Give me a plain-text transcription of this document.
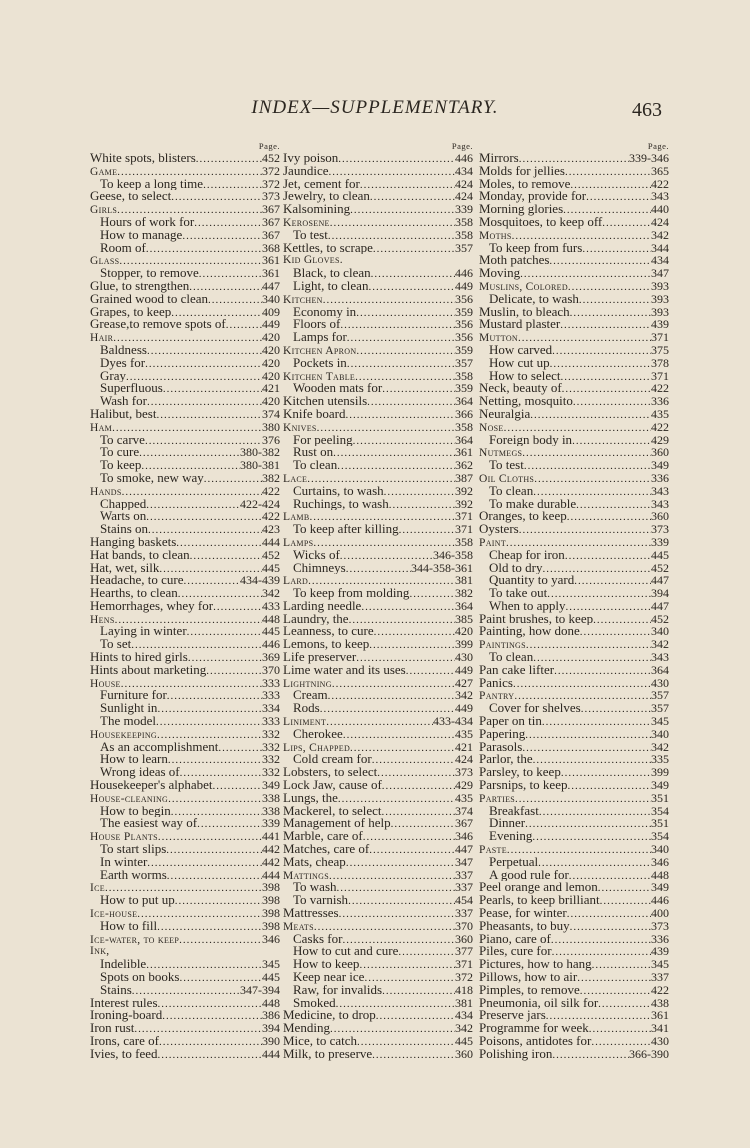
INDEX—SUPPLEMENTARY.	463
Page.
White spots, blisters .....	452
Game .....	372
To keep a long time .....	372
Geese, to select .....	373
Girls .....	367
Hours of work for .....	367
How to manage .....	367
Room of .....	368
Glass .....	361
Stopper, to remove .....	361
Glue, to strengthen .....	447
Grained wood to clean .....	340
Grapes, to keep .....	409
Grease,to remove spots of .....	449
Hair .....	420
Baldness .....	420
Dyes for .....	420
Gray .....	420
Superfluous .....	421
Wash for .....	420
Halibut, best .....	374
Ham .....	380
To carve .....	376
To cure .....	380-382
To keep .....	380-381
To smoke, new way .....	382
Hands .....	422
Chapped .....	422-424
Warts on .....	422
Stains on .....	423
Hanging baskets .....	444
Hat bands, to clean .....	452
Hat, wet, silk .....	445
Headache, to cure .....	434-439
Hearths, to clean .....	342
Hemorrhages, whey for .....	433
Hens .....	448
Laying in winter .....	445
To set .....	446
Hints to hired girls .....	369
Hints about marketing .....	370
House .....	333
Furniture for .....	333
Sunlight in .....	334
The model .....	333
Housekeeping .....	332
As an accomplishment .....	332
How to learn .....	332
Wrong ideas of .....	332
Housekeeper's alphabet .....	349
House-cleaning .....	338
How to begin .....	338
The easiest way of .....	339
House Plants .....	441
To start slips .....	442
In winter .....	442
Earth worms .....	444
Ice .....	398
How to put up .....	398
Ice-house .....	398
How to fill .....	398
Ice-water, to keep .....	346
Ink,
Indelible .....	345
Spots on books .....	445
Stains .....	347-394
Interest rules .....	448
Ironing-board .....	386
Iron rust .....	394
Irons, care of .....	390
Ivies, to feed .....	444
Page.
Ivy poison .....	446
Jaundice .....	434
Jet, cement for .....	424
Jewelry, to clean .....	424
Kalsomining .....	339
Kerosene .....	358
To test .....	358
Kettles, to scrape .....	357
Kid Gloves.
Black, to clean .....	446
Light, to clean .....	449
Kitchen .....	356
Economy in .....	359
Floors of .....	356
Lamps for .....	356
Kitchen Apron .....	359
Pockets in .....	357
Kitchen Table .....	358
Wooden mats for .....	359
Kitchen utensils .....	364
Knife board .....	366
Knives .....	358
For peeling .....	364
Rust on .....	361
To clean .....	362
Lace .....	387
Curtains, to wash .....	392
Ruchings, to wash .....	392
Lamb .....	371
To keep after killing .....	371
Lamps .....	358
Wicks of .....	346-358
Chimneys .....	344-358-361
Lard .....	381
To keep from molding .....	382
Larding needle .....	364
Laundry, the .....	385
Leanness, to cure .....	420
Lemons, to keep .....	399
Life preserver .....	430
Lime water and its uses .....	449
Lightning .....	427
Cream .....	342
Rods .....	449
Liniment .....	433-434
Cherokee .....	435
Lips, Chapped .....	421
Cold cream for .....	424
Lobsters, to select .....	373
Lock Jaw, cause of .....	429
Lungs, the .....	435
Mackerel, to select .....	374
Management of help .....	367
Marble, care of .....	346
Matches, care of .....	447
Mats, cheap .....	347
Mattings .....	337
To wash .....	337
To varnish .....	454
Mattresses .....	337
Meats .....	370
Casks for .....	360
How to cut and cure .....	377
How to keep .....	371
Keep near ice .....	372
Raw, for invalids .....	418
Smoked .....	381
Medicine, to drop .....	434
Mending .....	342
Mice, to catch .....	445
Milk, to preserve .....	360
Page.
Mirrors .....	339-346
Molds for jellies .....	365
Moles, to remove .....	422
Monday, provide for .....	343
Morning glories .....	440
Mosquitoes, to keep off .....	424
Moths .....	342
To keep from furs .....	344
Moth patches .....	434
Moving .....	347
Muslins, Colored .....	393
Delicate, to wash .....	393
Muslin, to bleach .....	393
Mustard plaster .....	439
Mutton .....	371
How carved .....	375
How cut up .....	378
How to select .....	371
Neck, beauty of .....	422
Netting, mosquito .....	336
Neuralgia .....	435
Nose .....	422
Foreign body in .....	429
Nutmegs .....	360
To test .....	349
Oil Cloths .....	336
To clean .....	343
To make durable .....	343
Oranges, to keep .....	360
Oysters .....	373
Paint .....	339
Cheap for iron .....	445
Old to dry .....	452
Quantity to yard .....	447
To take out .....	394
When to apply .....	447
Paint brushes, to keep .....	452
Painting, how done .....	340
Paintings .....	342
To clean .....	343
Pan cake lifter .....	364
Panics .....	430
Pantry .....	357
Cover for shelves .....	357
Paper on tin .....	345
Papering .....	340
Parasols .....	342
Parlor, the .....	335
Parsley, to keep .....	399
Parsnips, to keep .....	349
Parties .....	351
Breakfast .....	354
Dinner .....	351
Evening .....	354
Paste .....	340
Perpetual .....	346
A good rule for .....	448
Peel orange and lemon .....	349
Pearls, to keep brilliant .....	446
Pease, for winter .....	400
Pheasants, to buy .....	373
Piano, care of .....	336
Piles, cure for .....	439
Pictures, how to hang .....	345
Pillows, how to air .....	337
Pimples, to remove .....	422
Pneumonia, oil silk for .....	438
Preserve jars .....	361
Programme for week .....	341
Poisons, antidotes for .....	430
Polishing iron .....	366-390
